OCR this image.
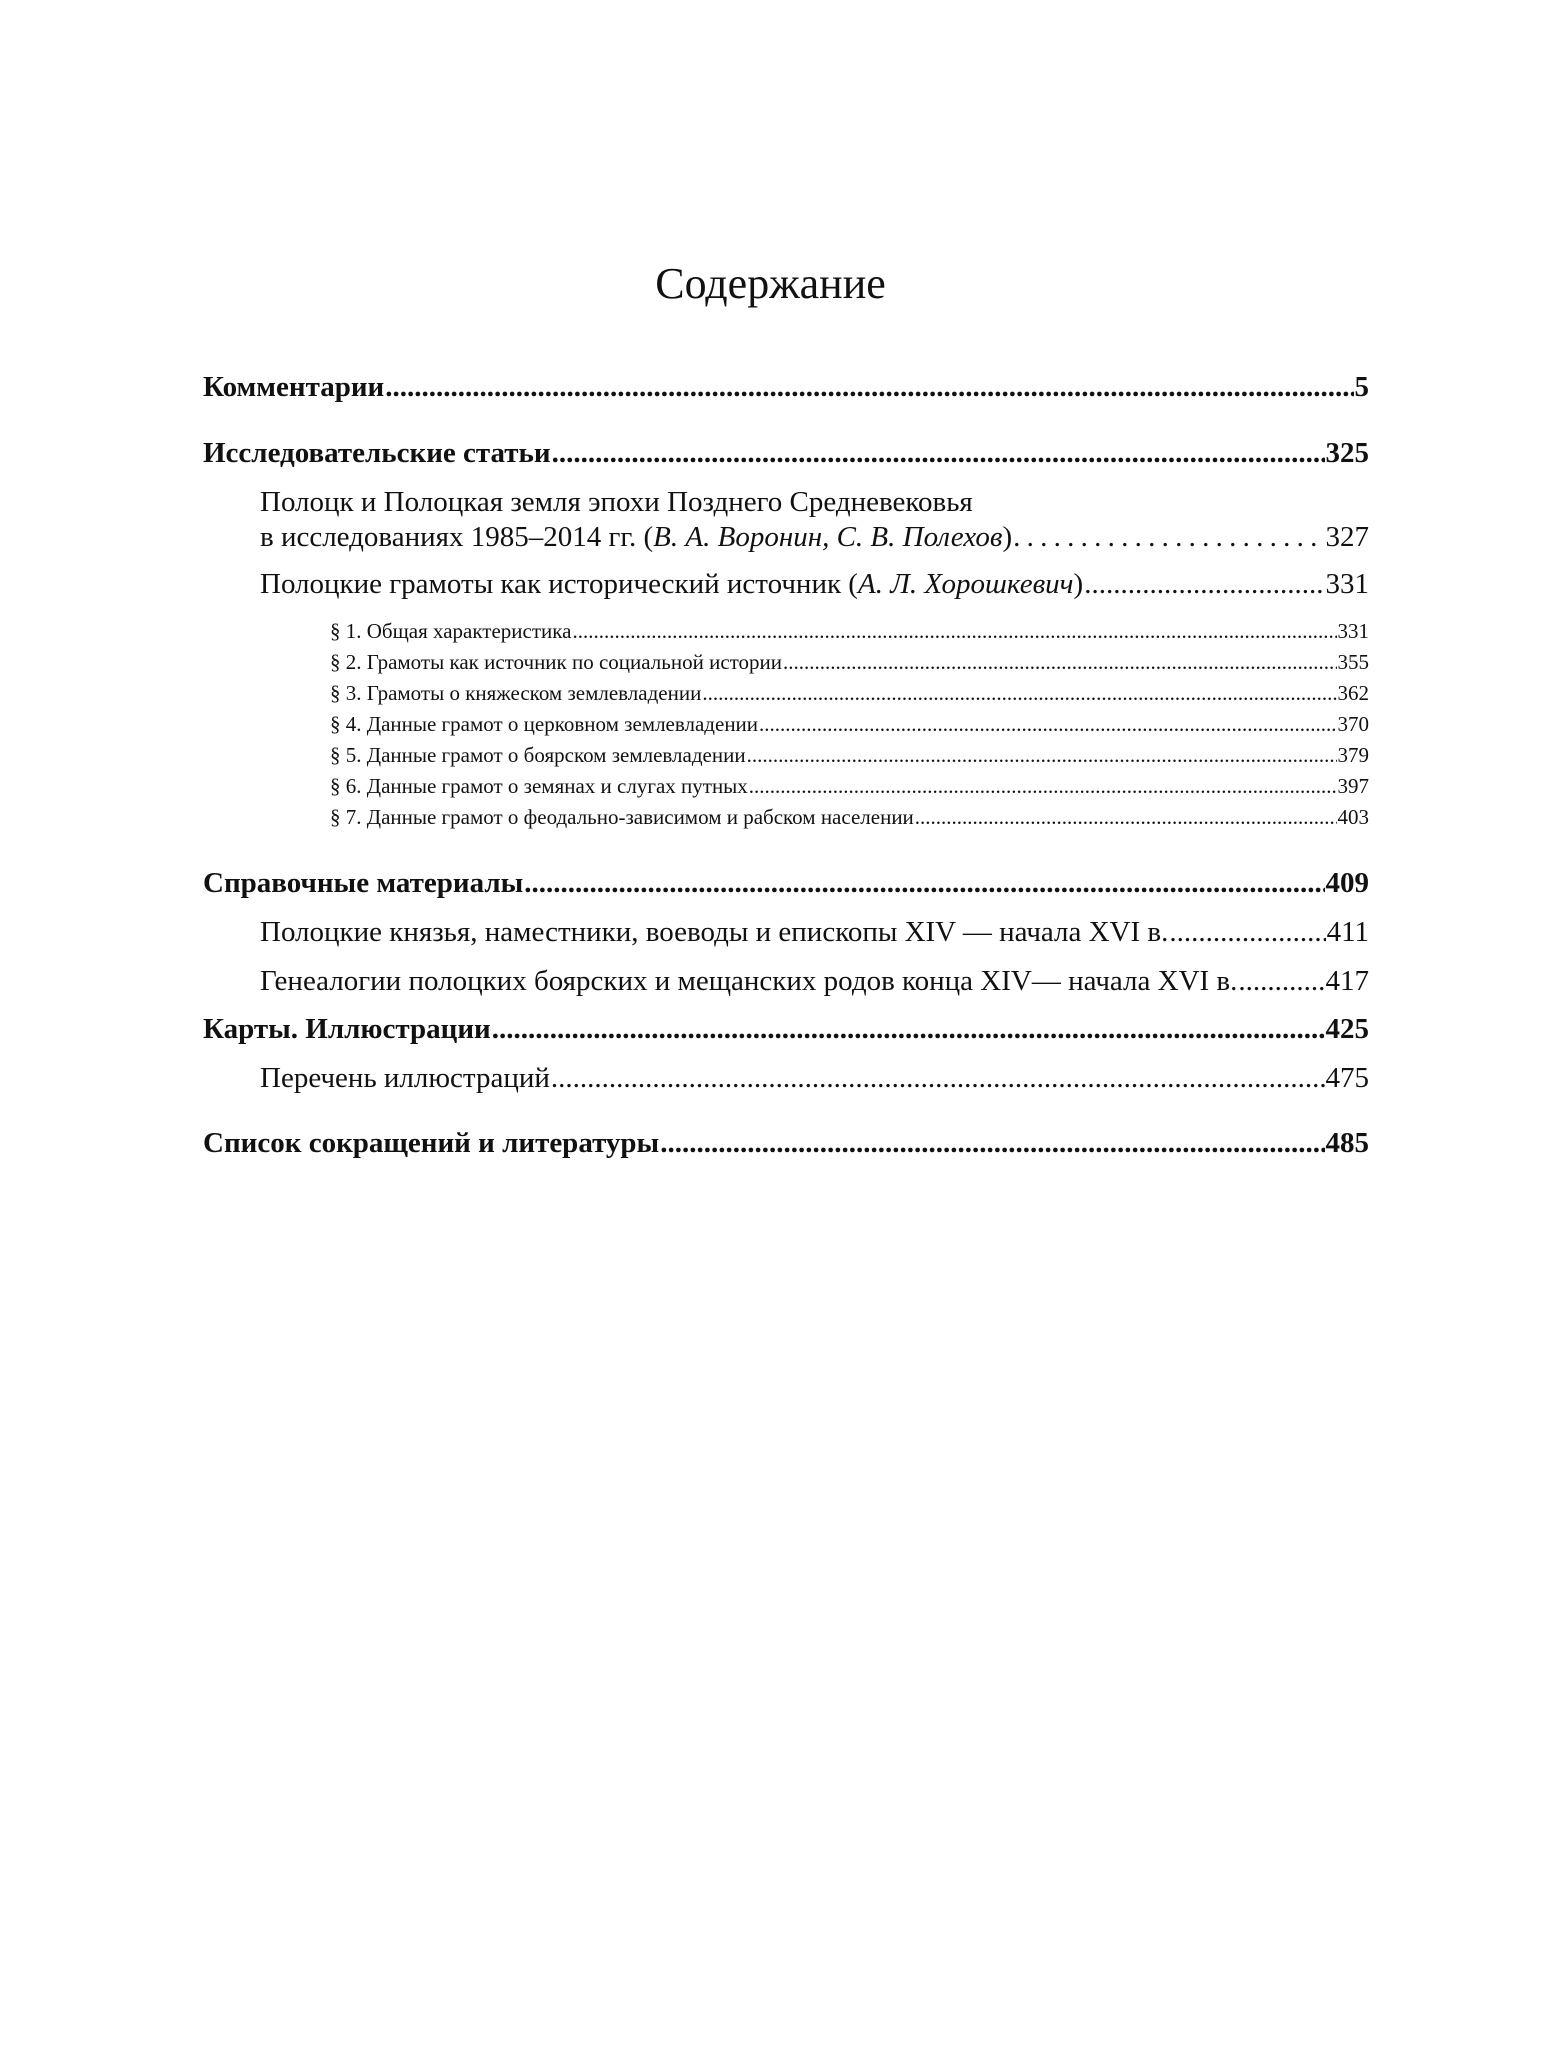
Содержание
Комментарии .....	5
Исследовательские статьи .....	325
Полоцк и Полоцкая земля эпохи Позднего Средневековья
в исследованиях 1985–2014 гг. (В. А. Воронин, С. В. Полехов) . . .	327
Полоцкие грамоты как исторический источник (А. Л. Хорошкевич) .....	331
§ 1. Общая характеристика .....	331
§ 2. Грамоты как источник по социальной истории .....	355
§ 3. Грамоты о княжеском землевладении .....	362
§ 4. Данные грамот о церковном землевладении .....	370
§ 5. Данные грамот о боярском землевладении .....	379
§ 6. Данные грамот о земянах и слугах путных .....	397
§ 7. Данные грамот о феодально-зависимом и рабском населении .....	403
Справочные материалы .....	409
Полоцкие князья, наместники, воеводы и епископы XIV — начала XVI в. .....	411
Генеалогии полоцких боярских и мещанских родов конца XIV— начала XVI в. .....	417
Карты. Иллюстрации .....	425
Перечень иллюстраций .....	475
Список сокращений и литературы .....	485
